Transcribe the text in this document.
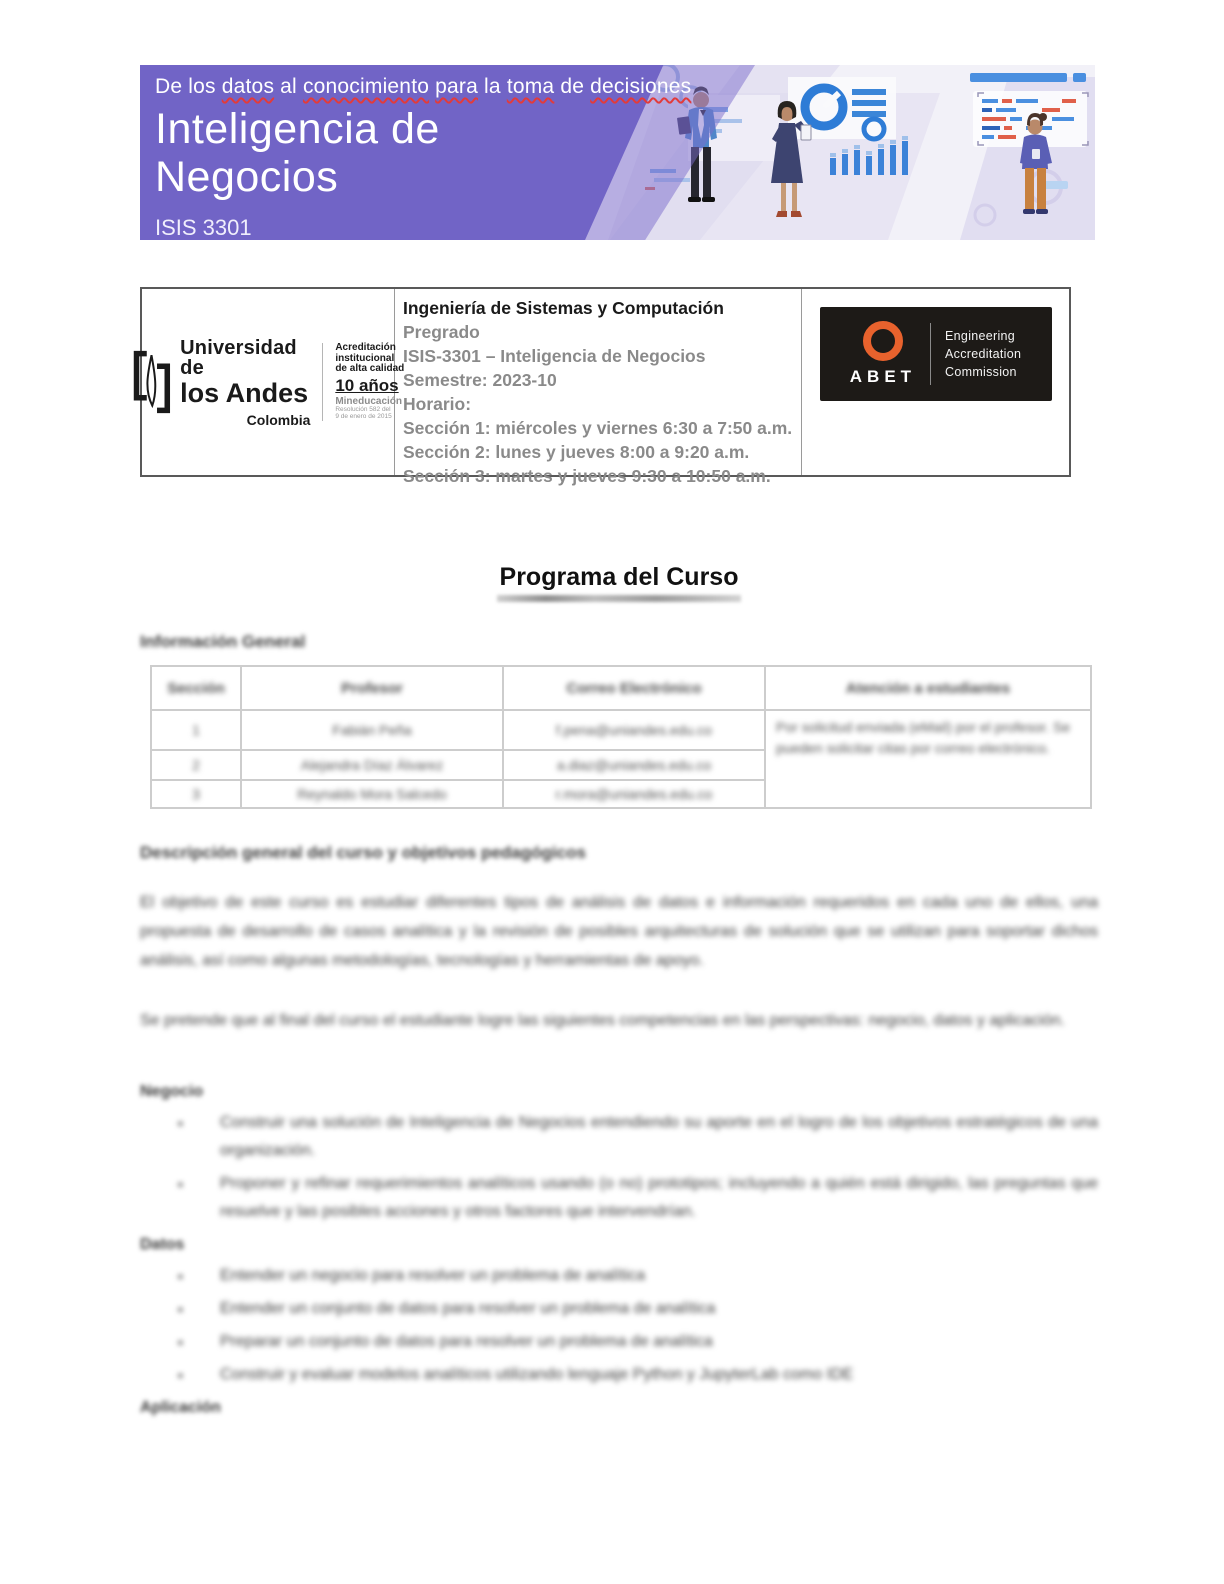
De los datos al conocimiento para la toma de decisiones
Inteligencia de
Negocios
ISIS 3301
Universidad de
los Andes
Colombia
Acreditación
institucional
de alta calidad
10 años
Mineducación
Resolución 582 del
9 de enero de 2015
Ingeniería de Sistemas y Computación
Pregrado
ISIS-3301 – Inteligencia de Negocios
Semestre: 2023-10
Horario:
Sección 1: miércoles y viernes 6:30 a 7:50 a.m.
Sección 2: lunes y jueves 8:00 a 9:20 a.m.
Sección 3: martes y jueves 9:30 a 10:50 a.m.
ABET
Engineering
Accreditation
Commission
Programa del Curso
Información General
Sección	Profesor	Correo Electrónico	Atención a estudiantes
1	Fabián Peña	f.pena@uniandes.edu.co	Por solicitud enviada (eMail) por el profesor. Se pueden solicitar citas por correo electrónico.
2	Alejandra Díaz Álvarez	a.diaz@uniandes.edu.co	
3	Reynaldo Mora Salcedo	r.mora@uniandes.edu.co	
Descripción general del curso y objetivos pedagógicos

El objetivo de este curso es estudiar diferentes tipos de análisis de datos e información requeridos en cada uno de ellos, una propuesta de desarrollo de casos analítica y la revisión de posibles arquitecturas de solución que se utilizan para soportar dichos análisis, así como algunas metodologías, tecnologías y herramientas de apoyo.

Se pretende que al final del curso el estudiante logre las siguientes competencias en las perspectivas: negocio, datos y aplicación.

Negocio
▪ Construir una solución de Inteligencia de Negocios entendiendo su aporte en el logro de los objetivos estratégicos de una organización.
▪ Proponer y refinar requerimientos analíticos usando (o no) prototipos; incluyendo a quién está dirigido, las preguntas que resuelve y las posibles acciones y otros factores que intervendrían.
Datos
▪ Entender un negocio para resolver un problema de analítica
▪ Entender un conjunto de datos para resolver un problema de analítica
▪ Preparar un conjunto de datos para resolver un problema de analítica
▪ Construir y evaluar modelos analíticos utilizando lenguaje Python y JupyterLab como IDE
Aplicación
